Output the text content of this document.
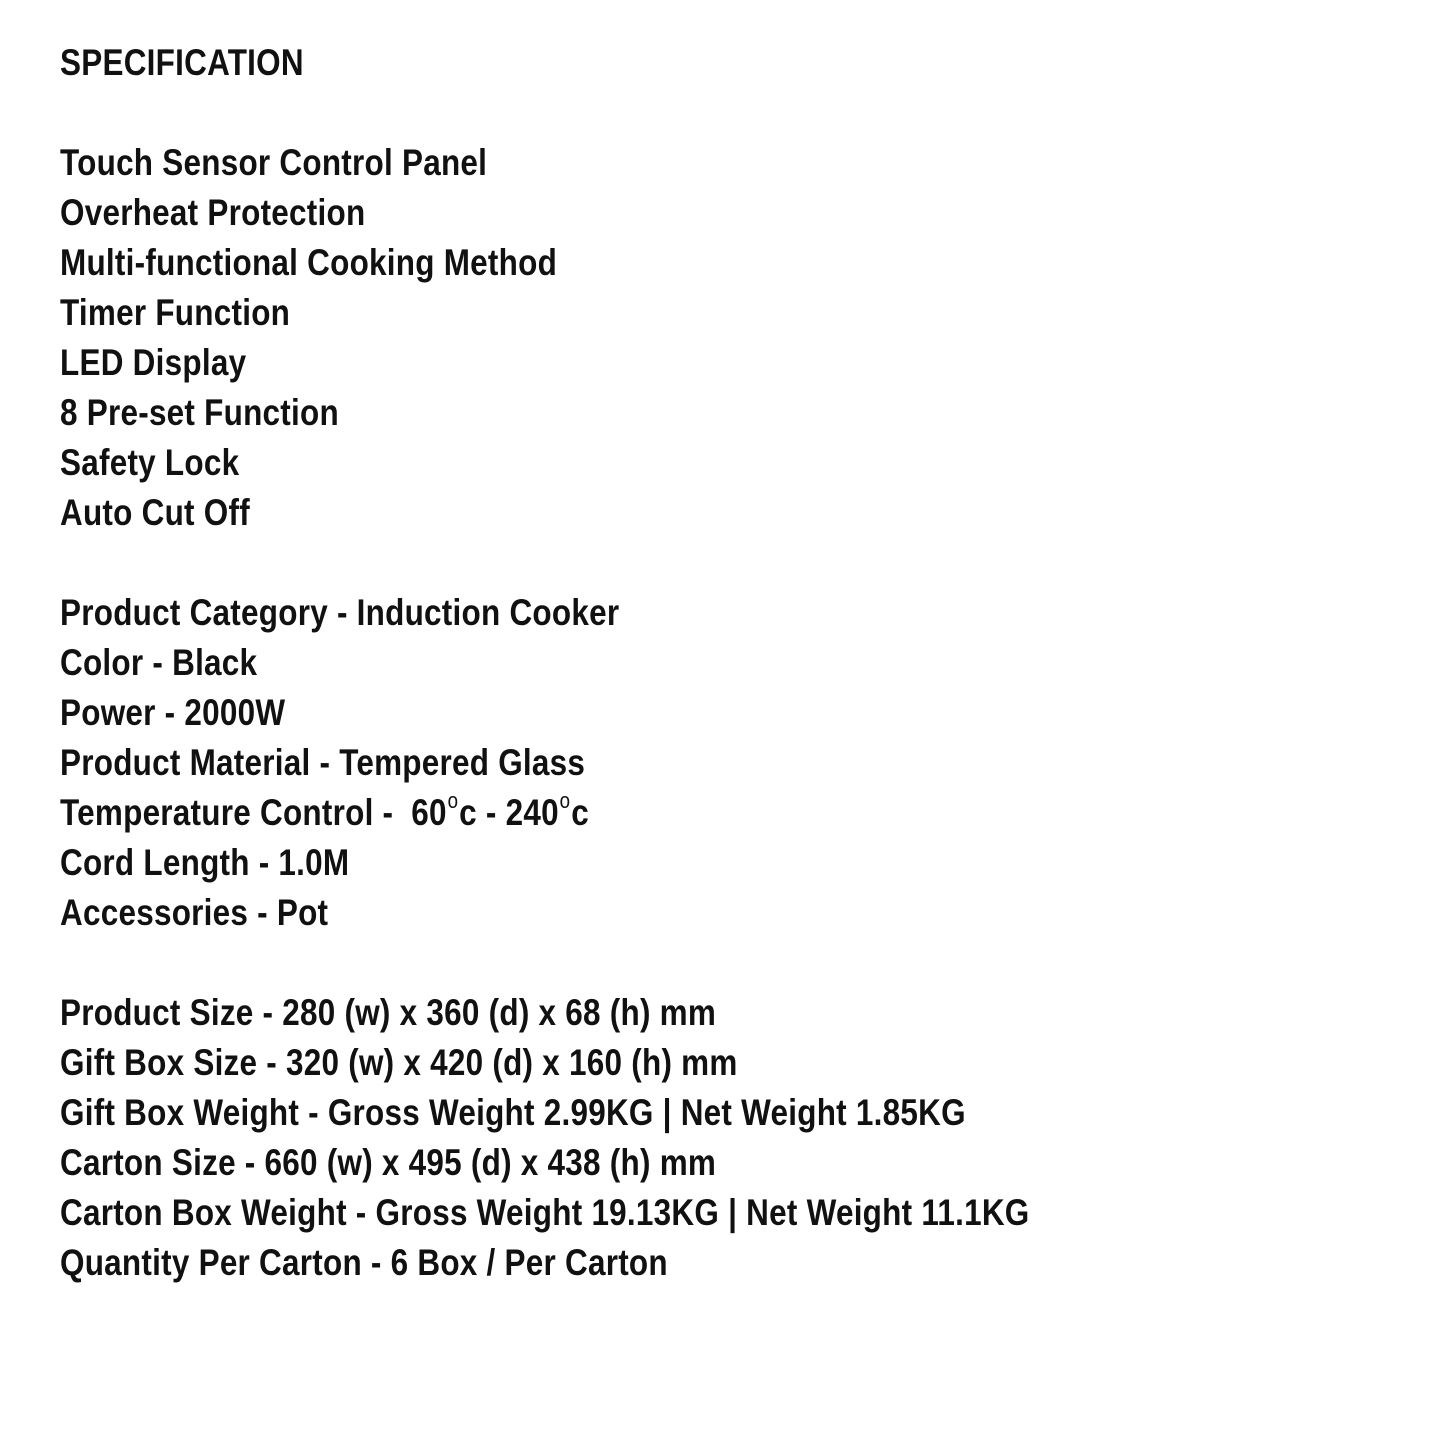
SPECIFICATION
Touch Sensor Control Panel
Overheat Protection
Multi-functional Cooking Method
Timer Function
LED Display
8 Pre-set Function
Safety Lock
Auto Cut Off
Product Category - Induction Cooker
Color - Black
Power - 2000W
Product Material - Tempered Glass
Temperature Control -  60$^o$c - 240$^o$c
Cord Length - 1.0M
Accessories - Pot
Product Size - 280 (w) x 360 (d) x 68 (h) mm
Gift Box Size - 320 (w) x 420 (d) x 160 (h) mm
Gift Box Weight - Gross Weight 2.99KG | Net Weight 1.85KG
Carton Size - 660 (w) x 495 (d) x 438 (h) mm
Carton Box Weight - Gross Weight 19.13KG | Net Weight 11.1KG
Quantity Per Carton - 6 Box / Per Carton
